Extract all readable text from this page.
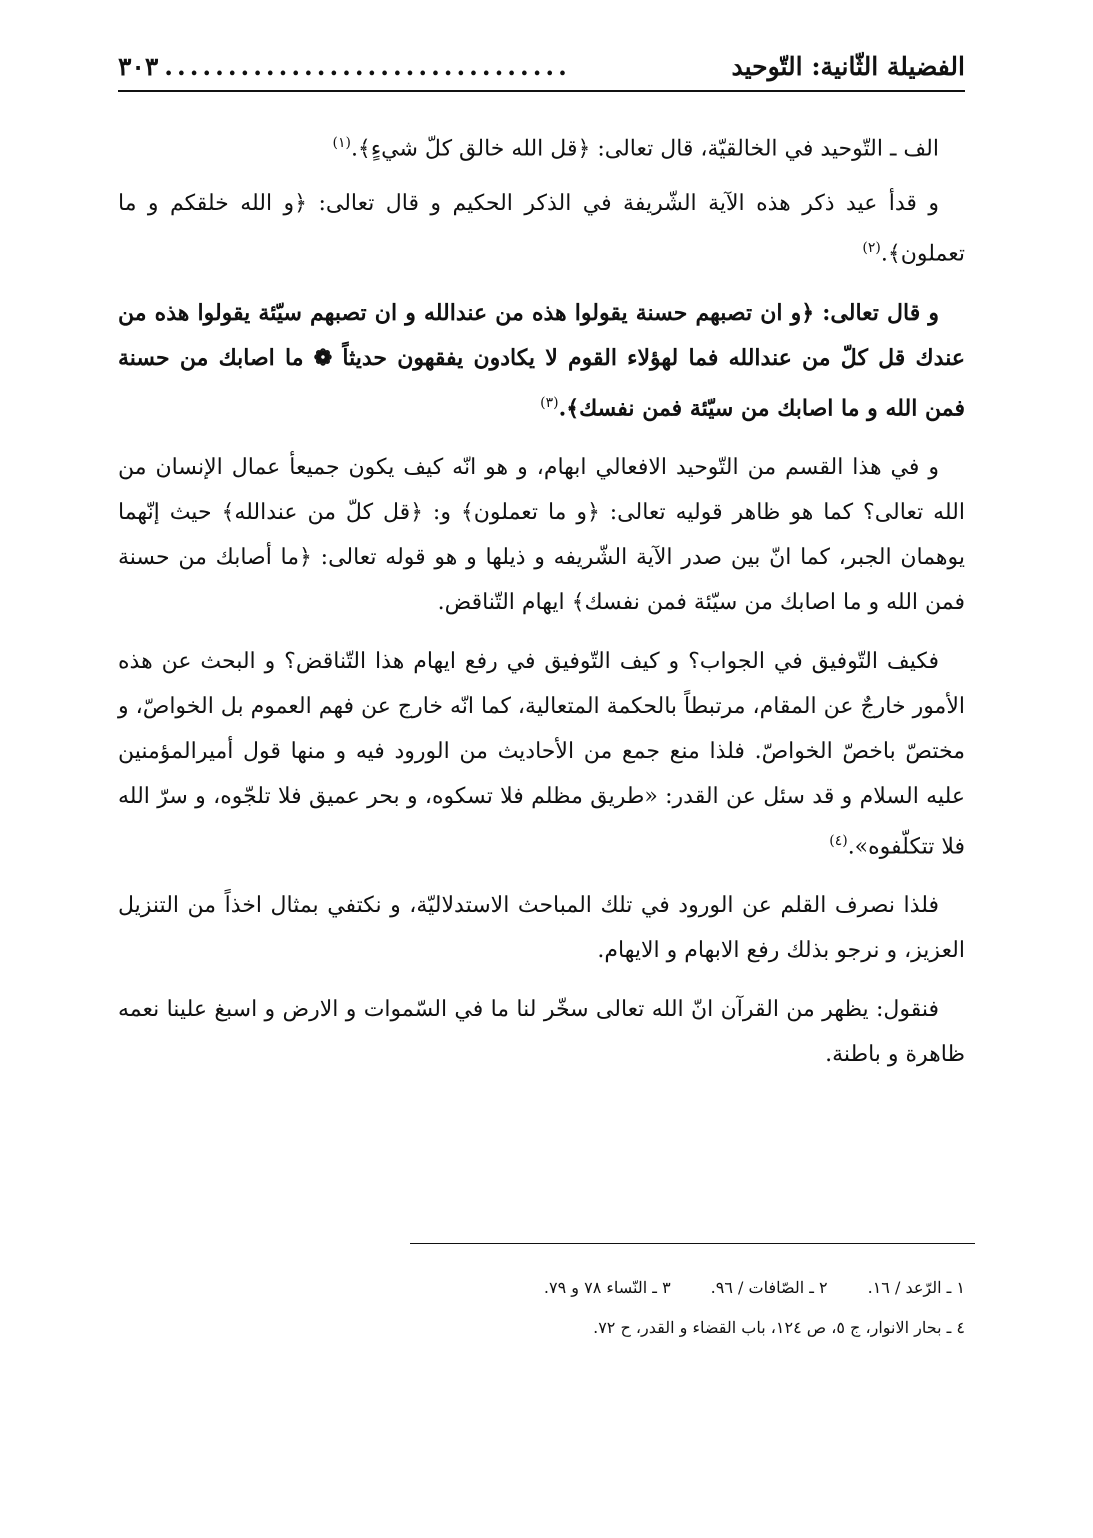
الفضيلة الثّانية: التّوحيد
................................
٣٠٣

الف ـ التّوحيد في الخالقيّة، قال تعالى: ﴿قل الله خالق كلّ شيءٍ﴾.$^{(١)}$

و قدأ عيد ذكر هذه الآية الشّريفة في الذكر الحكيم و قال تعالى: ﴿و الله خلقكم و ما تعملون﴾.$^{(٢)}$

و قال تعالى: ﴿و ان تصبهم حسنة يقولوا هذه من عندالله و ان تصبهم سيّئة يقولوا هذه من عندك قل كلّ من عندالله فما لهؤلاء القوم لا يكادون يفقهون حديثاً ❁ ما اصابك من حسنة فمن الله و ما اصابك من سيّئة فمن نفسك﴾.$^{(٣)}$

و في هذا القسم من التّوحيد الافعالي ابهام، و هو انّه كيف يكون جميعأ عمال الإنسان من الله تعالى؟ كما هو ظاهر قوليه تعالى: ﴿و ما تعملون﴾ و: ﴿قل كلّ من عندالله﴾ حيث إنّهما يوهمان الجبر، كما انّ بين صدر الآية الشّريفه و ذيلها و هو قوله تعالى: ﴿ما أصابك من حسنة فمن الله و ما اصابك من سيّئة فمن نفسك﴾ ايهام التّناقض.

فكيف التّوفيق في الجواب؟ و كيف التّوفيق في رفع ايهام هذا التّناقض؟ و البحث عن هذه الأمور خارجٌ عن المقام، مرتبطاً بالحكمة المتعالية، كما انّه خارج عن فهم العموم بل الخواصّ، و مختصّ باخصّ الخواصّ. فلذا منع جمع من الأحاديث من الورود فيه و منها قول أميرالمؤمنين عليه السلام و قد سئل عن القدر: «طريق مظلم فلا تسكوه، و بحر عميق فلا تلجّوه، و سرّ الله فلا تتكلّفوه».$^{(٤)}$

فلذا نصرف القلم عن الورود في تلك المباحث الاستدلاليّة، و نكتفي بمثال اخذاً من التنزيل العزيز، و نرجو بذلك رفع الابهام و الايهام.

فنقول: يظهر من القرآن انّ الله تعالى سخّر لنا ما في السّموات و الارض و اسبغ علينا نعمه ظاهرة و باطنة.

١ ـ الرّعد / ١٦.
٢ ـ الصّافات / ٩٦.
٣ ـ النّساء ٧٨ و ٧٩.
٤ ـ بحار الانوار، ج ٥، ص ١٢٤، باب القضاء و القدر، ح ٧٢.
